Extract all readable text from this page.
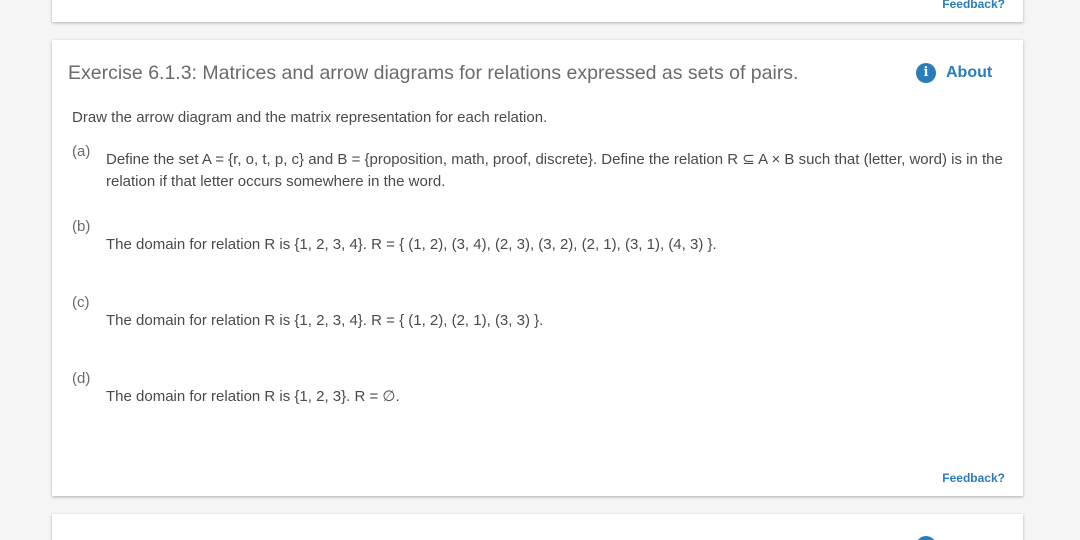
Feedback?
Exercise 6.1.3: Matrices and arrow diagrams for relations expressed as sets of pairs.	i	About

Draw the arrow diagram and the matrix representation for each relation.

(a) Define the set A = {r, o, t, p, c} and B = {proposition, math, proof, discrete}. Define the relation R ⊆ A × B such that (letter, word) is in the relation if that letter occurs somewhere in the word.
(b)
The domain for relation R is {1, 2, 3, 4}. R = { (1, 2), (3, 4), (2, 3), (3, 2), (2, 1), (3, 1), (4, 3) }.
(c)
The domain for relation R is {1, 2, 3, 4}. R = { (1, 2), (2, 1), (3, 3) }.
(d)
The domain for relation R is {1, 2, 3}. R = ∅.
Feedback?
